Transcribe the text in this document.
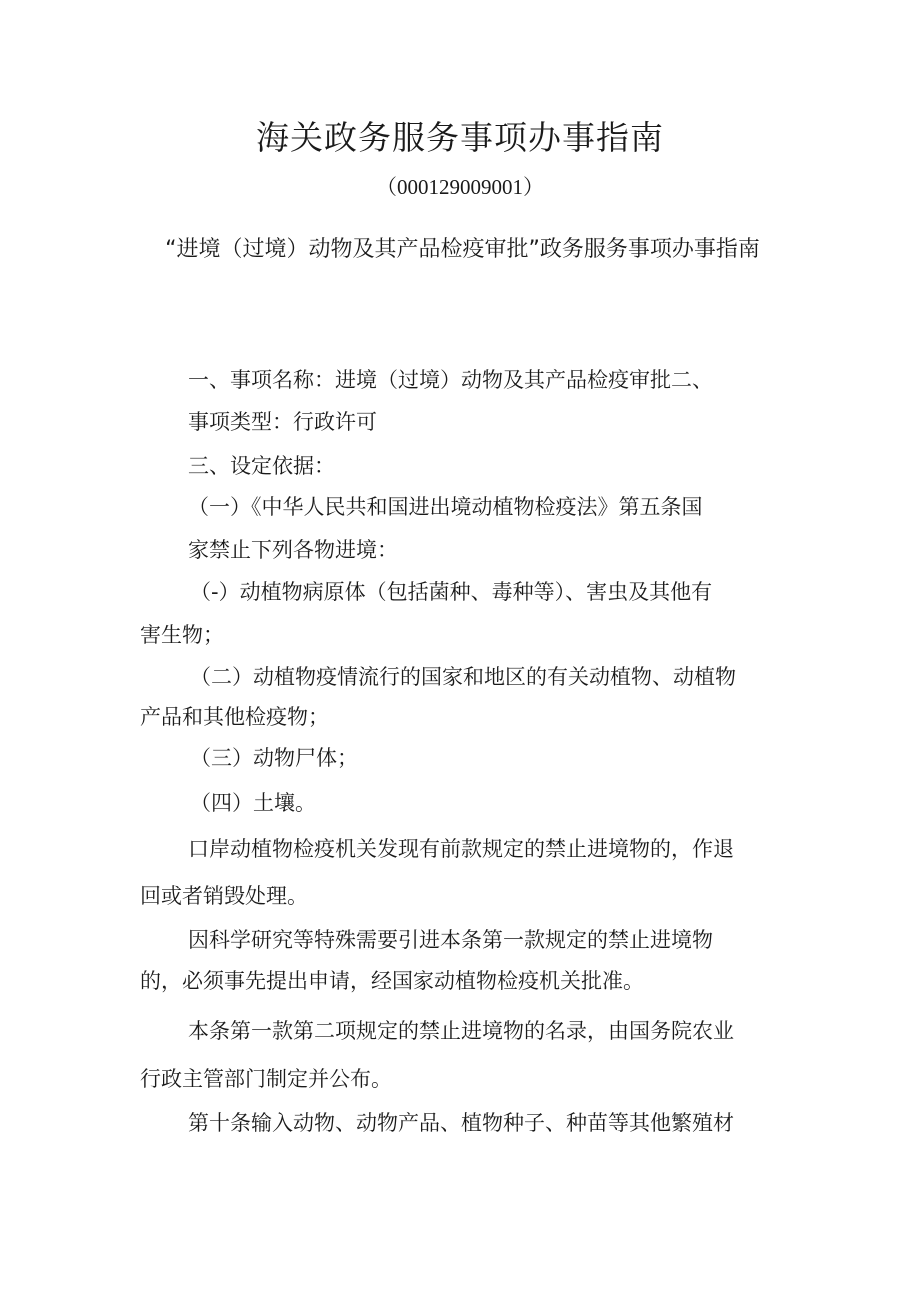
海关政务服务事项办事指南
（000129009001）
“进境（过境）动物及其产品检疫审批”政务服务事项办事指南
一、事项名称：进境（过境）动物及其产品检疫审批二、
事项类型：行政许可
三、设定依据：
（一）《中华人民共和国进出境动植物检疫法》第五条国
家禁止下列各物进境：
（-）动植物病原体（包括菌种、毒种等）、害虫及其他有
害生物；
（二）动植物疫情流行的国家和地区的有关动植物、动植物
产品和其他检疫物；
（三）动物尸体；
（四）土壤。
口岸动植物检疫机关发现有前款规定的禁止进境物的，作退
回或者销毁处理。
因科学研究等特殊需要引进本条第一款规定的禁止进境物
的，必须事先提出申请，经国家动植物检疫机关批准。
本条第一款第二项规定的禁止进境物的名录，由国务院农业
行政主管部门制定并公布。
第十条输入动物、动物产品、植物种子、种苗等其他繁殖材
